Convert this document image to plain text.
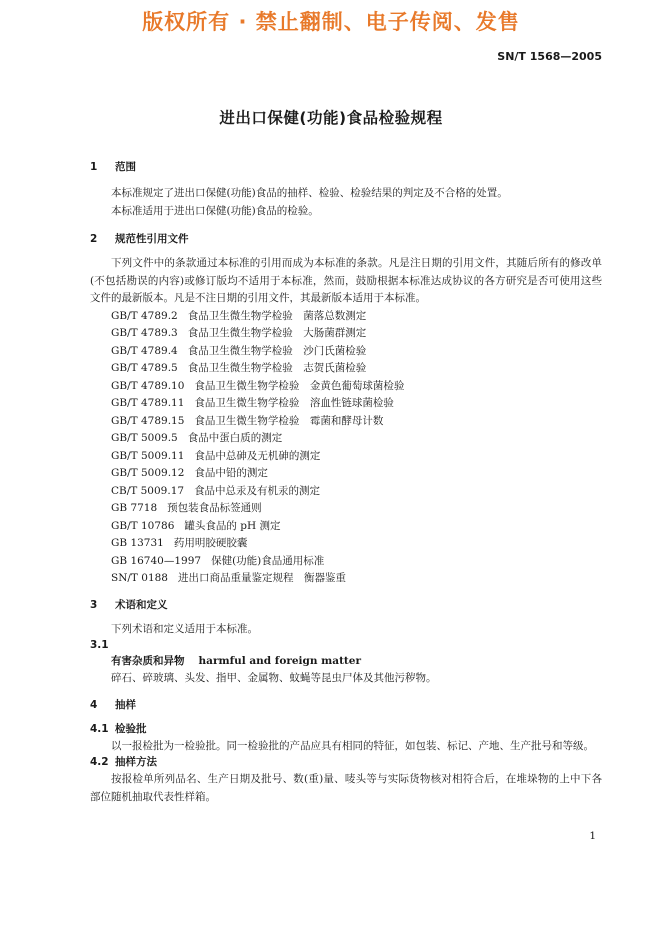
版权所有 · 禁止翻制、电子传阅、发售
SN/T 1568—2005
进出口保健(功能)食品检验规程
1 范围

本标准规定了进出口保健(功能)食品的抽样、检验、检验结果的判定及不合格的处置。

本标准适用于进出口保健(功能)食品的检验。

2 规范性引用文件

下列文件中的条款通过本标准的引用而成为本标准的条款。凡是注日期的引用文件，其随后所有的修改单(不包括勘误的内容)或修订版均不适用于本标准，然而，鼓励根据本标准达成协议的各方研究是否可使用这些文件的最新版本。凡是不注日期的引用文件，其最新版本适用于本标准。

GB/T 4789.2 食品卫生微生物学检验　菌落总数测定
GB/T 4789.3 食品卫生微生物学检验　大肠菌群测定
GB/T 4789.4 食品卫生微生物学检验　沙门氏菌检验
GB/T 4789.5 食品卫生微生物学检验　志贺氏菌检验
GB/T 4789.10 食品卫生微生物学检验　金黄色葡萄球菌检验
GB/T 4789.11 食品卫生微生物学检验　溶血性链球菌检验
GB/T 4789.15 食品卫生微生物学检验　霉菌和酵母计数
GB/T 5009.5 食品中蛋白质的测定
GB/T 5009.11 食品中总砷及无机砷的测定
GB/T 5009.12 食品中铅的测定
CB/T 5009.17 食品中总汞及有机汞的测定
GB 7718 预包装食品标签通则
GB/T 10786 罐头食品的 pH 测定
GB 13731 药用明胶硬胶囊
GB 16740—1997 保健(功能)食品通用标准
SN/T 0188 进出口商品重量鉴定规程　衡器鉴重
3 术语和定义

下列术语和定义适用于本标准。

3.1
有害杂质和异物 harmful and foreign matter

碎石、碎玻璃、头发、指甲、金属物、蚊蝇等昆虫尸体及其他污秽物。

4 抽样
4.1 检验批

以一报检批为一检验批。同一检验批的产品应具有相同的特征，如包装、标记、产地、生产批号和等级。

4.2 抽样方法

按报检单所列品名、生产日期及批号、数(重)量、唛头等与实际货物核对相符合后，在堆垛物的上中下各部位随机抽取代表性样箱。

1
